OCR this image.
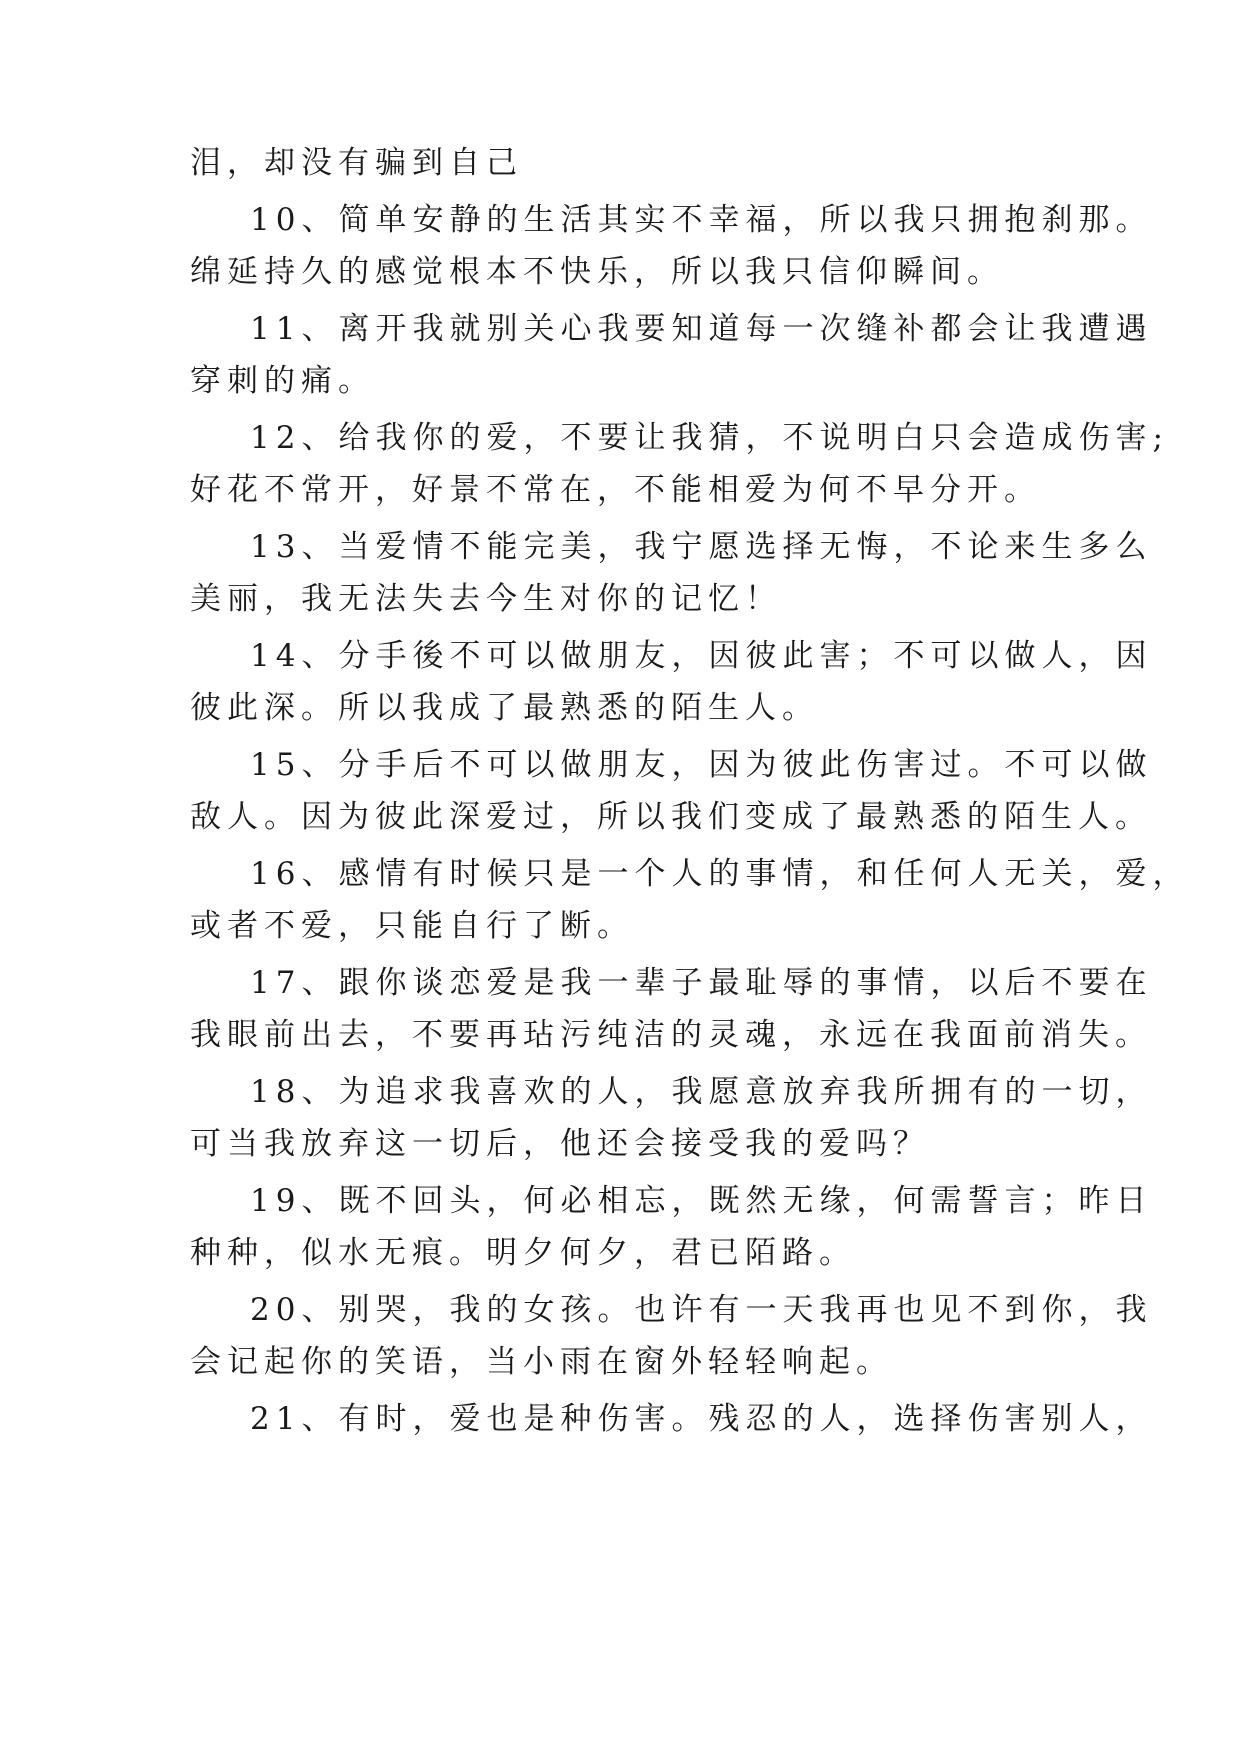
泪，却没有骗到自己

10、简单安静的生活其实不幸福，所以我只拥抱刹那。

绵延持久的感觉根本不快乐，所以我只信仰瞬间。

11、离开我就别关心我要知道每一次缝补都会让我遭遇

穿刺的痛。

12、给我你的爱，不要让我猜，不说明白只会造成伤害;

好花不常开，好景不常在，不能相爱为何不早分开。

13、当爱情不能完美，我宁愿选择无悔，不论来生多么

美丽，我无法失去今生对你的记忆！

14、分手後不可以做朋友，因彼此害；不可以做人，因

彼此深。所以我成了最熟悉的陌生人。

15、分手后不可以做朋友，因为彼此伤害过。不可以做

敌人。因为彼此深爱过，所以我们变成了最熟悉的陌生人。

16、感情有时候只是一个人的事情，和任何人无关，爱，

或者不爱，只能自行了断。

17、跟你谈恋爱是我一辈子最耻辱的事情，以后不要在

我眼前出去，不要再玷污纯洁的灵魂，永远在我面前消失。

18、为追求我喜欢的人，我愿意放弃我所拥有的一切，

可当我放弃这一切后，他还会接受我的爱吗？

19、既不回头，何必相忘，既然无缘，何需誓言；昨日

种种，似水无痕。明夕何夕，君已陌路。

20、别哭，我的女孩。也许有一天我再也见不到你，我

会记起你的笑语，当小雨在窗外轻轻响起。

21、有时，爱也是种伤害。残忍的人，选择伤害别人，
